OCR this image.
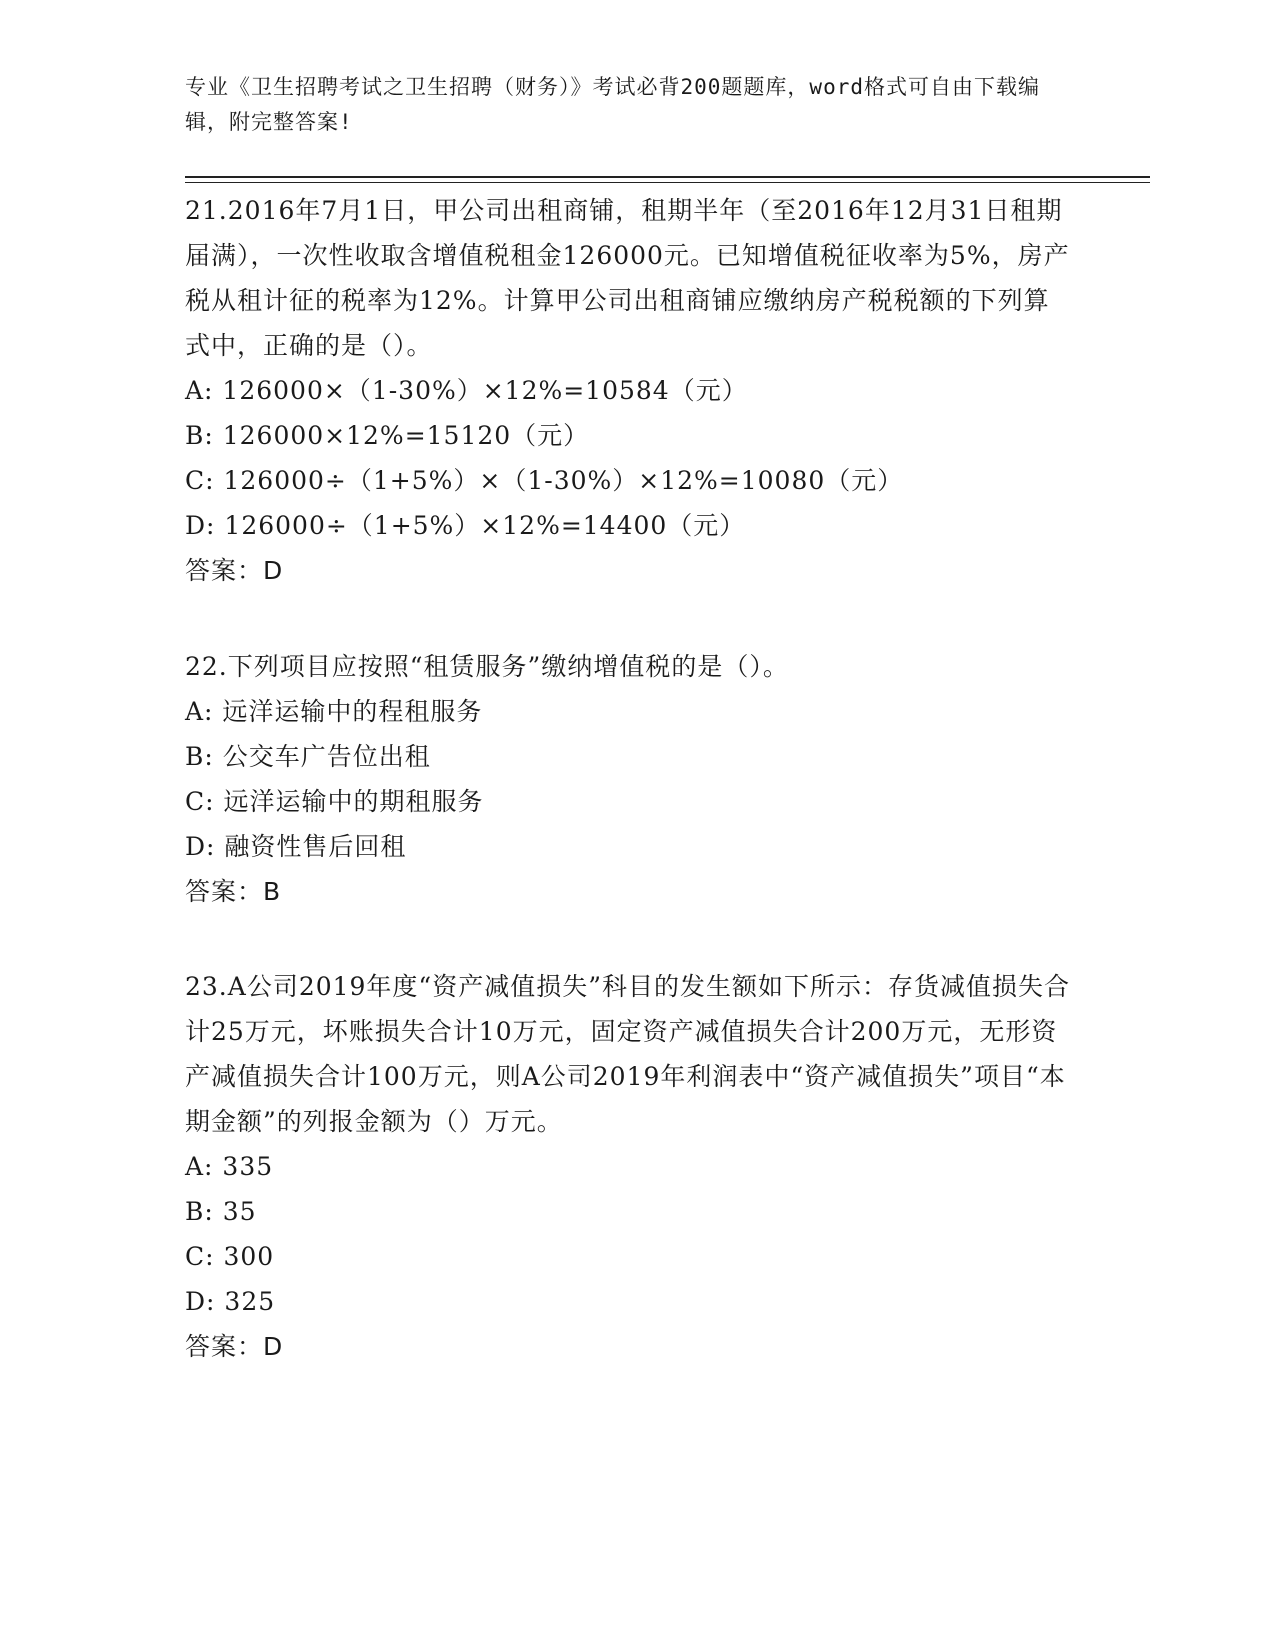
专业《卫生招聘考试之卫生招聘（财务）》考试必背200题题库，word格式可自由下载编辑，附完整答案!

21.2016年7月1日，甲公司出租商铺，租期半年（至2016年12月31日租期届满），一次性收取含增值税租金126000元。已知增值税征收率为5%，房产税从租计征的税率为12%。计算甲公司出租商铺应缴纳房产税税额的下列算式中，正确的是（）。

A: 126000×（1-30%）×12%=10584（元）

B: 126000×12%=15120（元）

C: 126000÷（1+5%）×（1-30%）×12%=10080（元）

D: 126000÷（1+5%）×12%=14400（元）

答案：D

22.下列项目应按照“租赁服务”缴纳增值税的是（）。

A: 远洋运输中的程租服务

B: 公交车广告位出租

C: 远洋运输中的期租服务

D: 融资性售后回租

答案：B

23.A公司2019年度“资产减值损失”科目的发生额如下所示：存货减值损失合计25万元，坏账损失合计10万元，固定资产减值损失合计200万元，无形资产减值损失合计100万元，则A公司2019年利润表中“资产减值损失”项目“本期金额”的列报金额为（）万元。

A: 335

B: 35

C: 300

D: 325

答案：D
